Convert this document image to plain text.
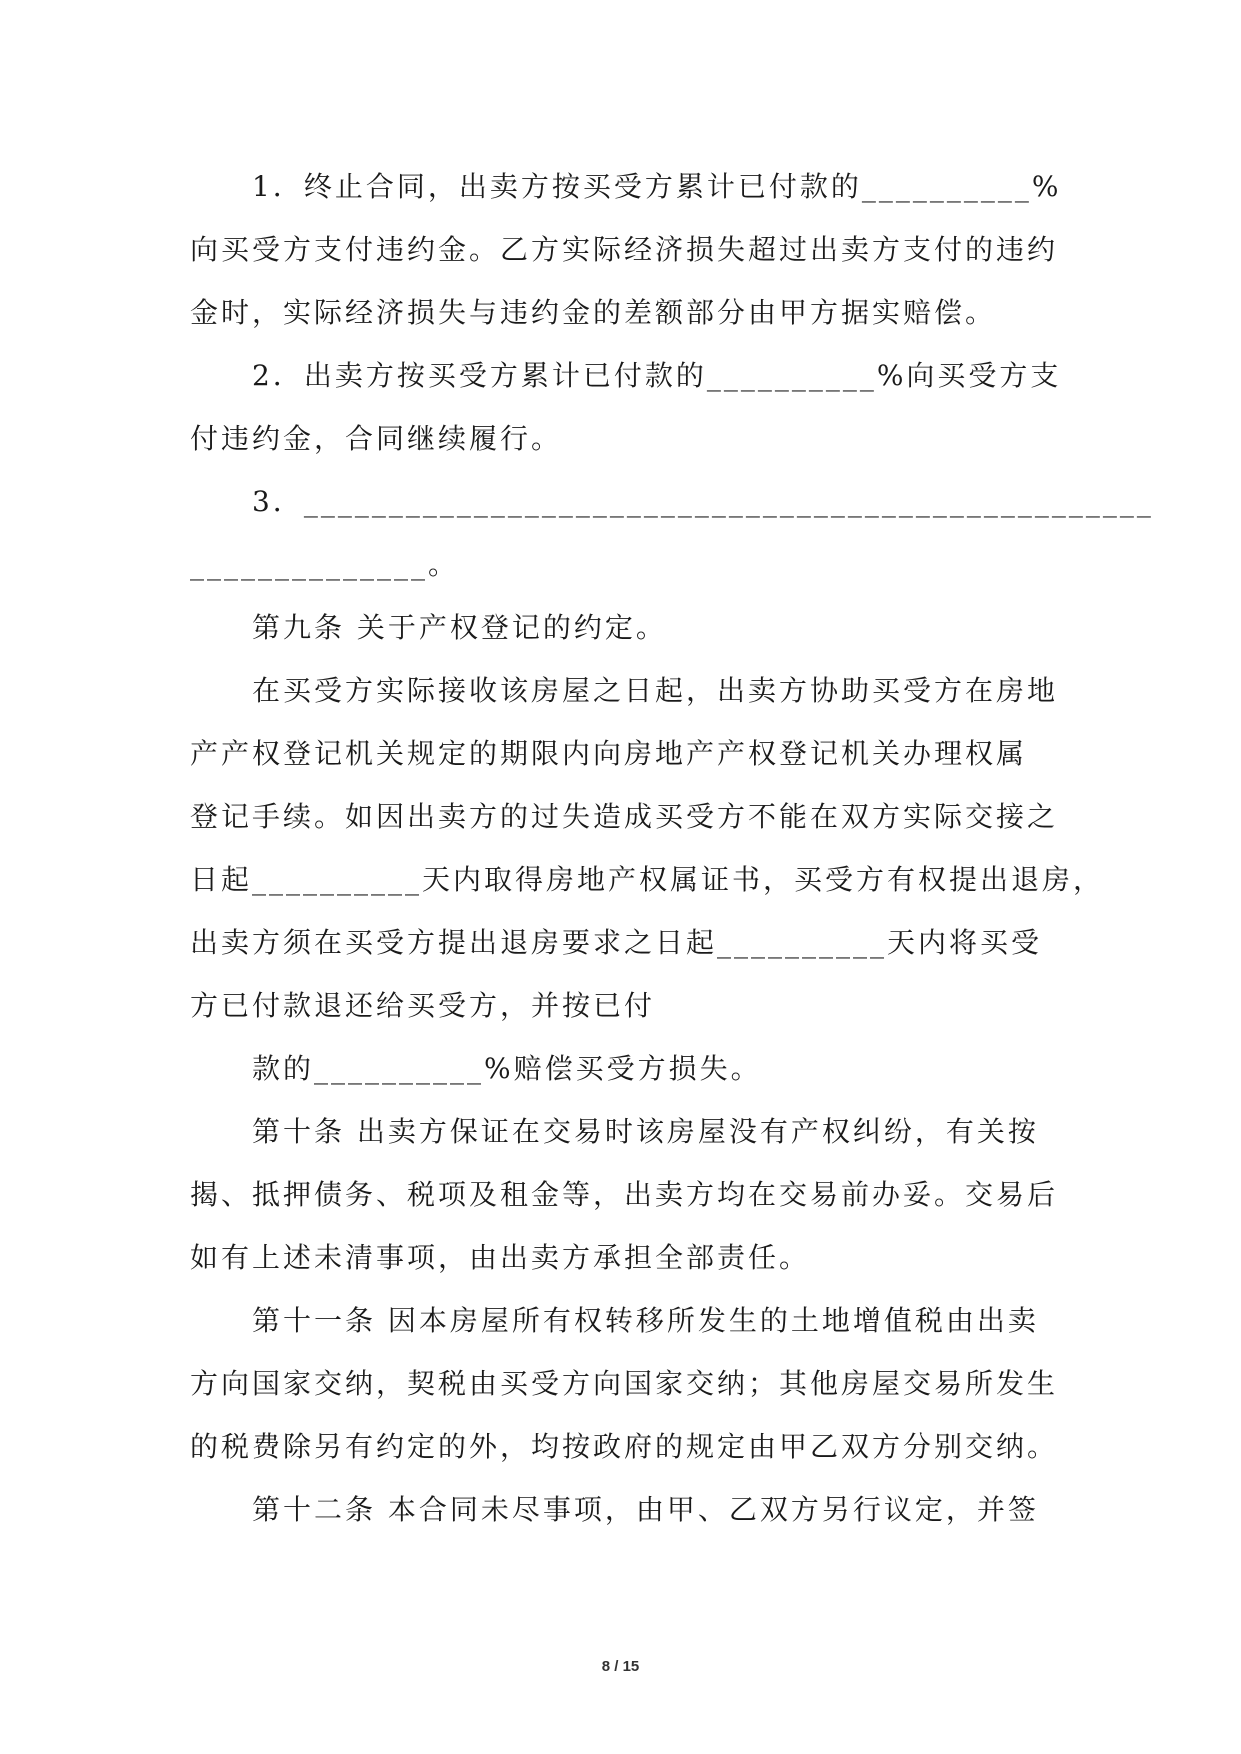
1．终止合同，出卖方按买受方累计已付款的__________%
向买受方支付违约金。乙方实际经济损失超过出卖方支付的违约
金时，实际经济损失与违约金的差额部分由甲方据实赔偿。
2．出卖方按买受方累计已付款的__________%向买受方支
付违约金，合同继续履行。
3．__________________________________________________
______________。
第九条 关于产权登记的约定。
在买受方实际接收该房屋之日起，出卖方协助买受方在房地
产产权登记机关规定的期限内向房地产产权登记机关办理权属
登记手续。如因出卖方的过失造成买受方不能在双方实际交接之
日起__________天内取得房地产权属证书，买受方有权提出退房，
出卖方须在买受方提出退房要求之日起__________天内将买受
方已付款退还给买受方，并按已付
款的__________%赔偿买受方损失。
第十条 出卖方保证在交易时该房屋没有产权纠纷，有关按
揭、抵押债务、税项及租金等，出卖方均在交易前办妥。交易后
如有上述未清事项，由出卖方承担全部责任。
第十一条 因本房屋所有权转移所发生的土地增值税由出卖
方向国家交纳，契税由买受方向国家交纳；其他房屋交易所发生
的税费除另有约定的外，均按政府的规定由甲乙双方分别交纳。
第十二条 本合同未尽事项，由甲、乙双方另行议定，并签
8 / 15
